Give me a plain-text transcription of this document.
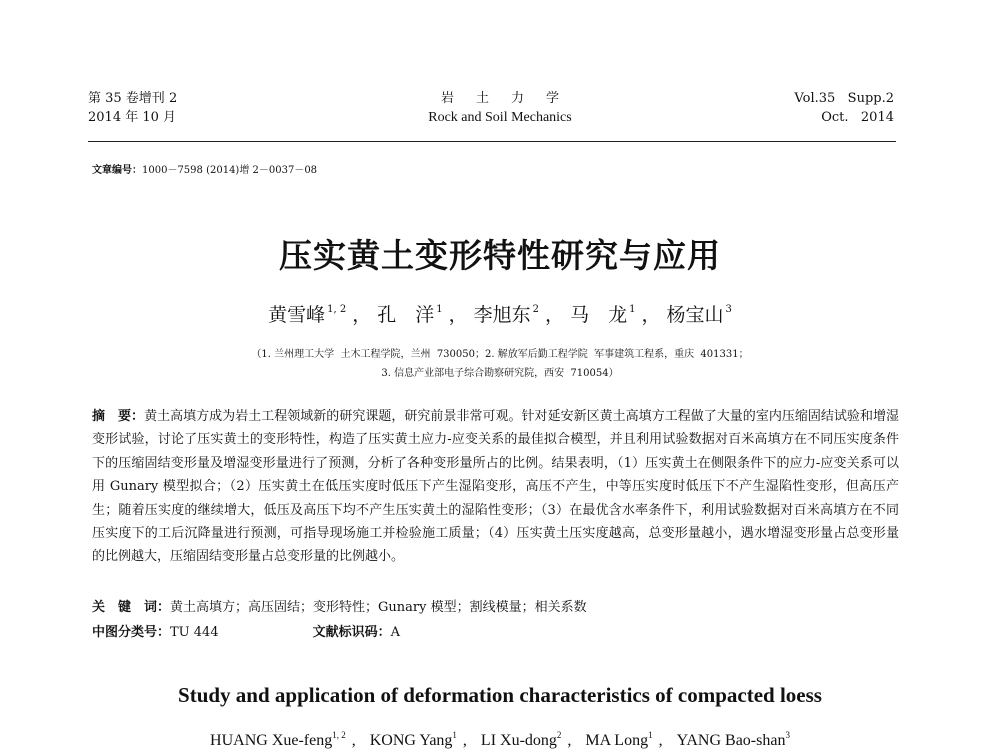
第 35 卷增刊 2
2014 年 10 月
岩土力学
Rock and Soil Mechanics
Vol.35   Supp.2
Oct.   2014
文章编号：1000－7598 (2014)增 2－0037－08
压实黄土变形特性研究与应用
黄雪峰 $^{1, 2}$ ， 孔　洋 $^1$ ， 李旭东 $^2$ ， 马　龙 $^1$ ， 杨宝山 $^3$
（1. 兰州理工大学  土木工程学院，兰州  730050；2. 解放军后勤工程学院  军事建筑工程系，重庆  401331；
3. 信息产业部电子综合勘察研究院，西安  710054）
摘　要：黄土高填方成为岩土工程领域新的研究课题，研究前景非常可观。针对延安新区黄土高填方工程做了大量的室内压缩固结试验和增湿变形试验，讨论了压实黄土的变形特性，构造了压实黄土应力-应变关系的最佳拟合模型，并且利用试验数据对百米高填方在不同压实度条件下的压缩固结变形量及增湿变形量进行了预测，分析了各种变形量所占的比例。结果表明，（1）压实黄土在侧限条件下的应力-应变关系可以用 Gunary 模型拟合；（2）压实黄土在低压实度时低压下产生湿陷变形，高压不产生，中等压实度时低压下不产生湿陷性变形，但高压产生；随着压实度的继续增大，低压及高压下均不产生压实黄土的湿陷性变形；（3）在最优含水率条件下，利用试验数据对百米高填方在不同压实度下的工后沉降量进行预测，可指导现场施工并检验施工质量；（4）压实黄土压实度越高，总变形量越小，遇水增湿变形量占总变形量的比例越大，压缩固结变形量占总变形量的比例越小。
关　键　词：黄土高填方；高压固结；变形特性；Gunary 模型；割线模量；相关系数
中图分类号：TU 444	文献标识码：A
Study and application of deformation characteristics of compacted loess
HUANG Xue-feng$^{1, 2}$ ,  KONG Yang$^1$ ,  LI Xu-dong$^2$ ,  MA Long$^1$ ,  YANG Bao-shan$^3$
